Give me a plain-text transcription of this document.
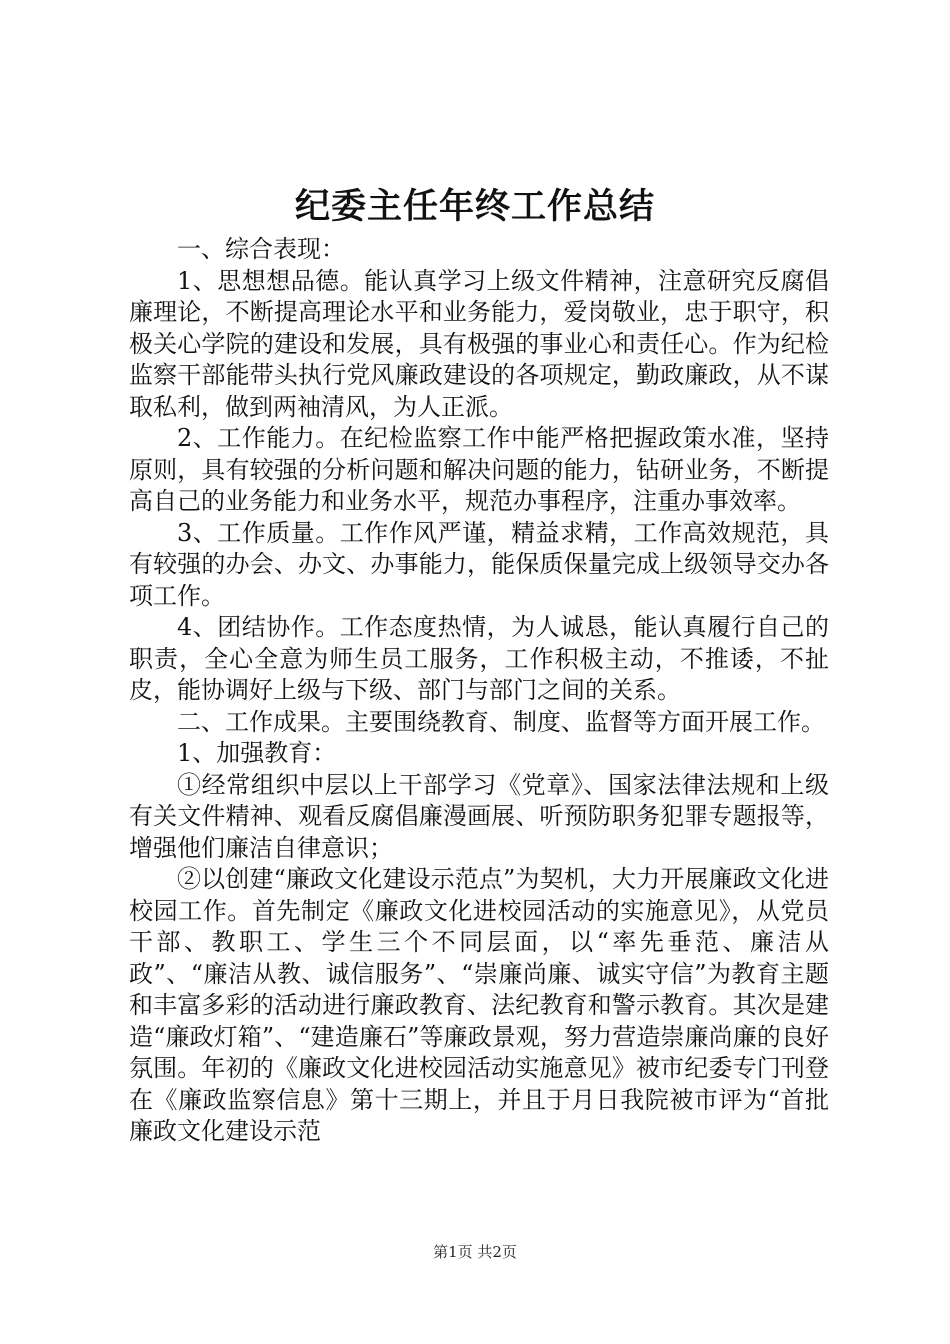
纪委主任年终工作总结

一、综合表现：

1、思想想品德。能认真学习上级文件精神，注意研究反腐倡廉理论，不断提高理论水平和业务能力，爱岗敬业，忠于职守，积极关心学院的建设和发展，具有极强的事业心和责任心。作为纪检监察干部能带头执行党风廉政建设的各项规定，勤政廉政，从不谋取私利，做到两袖清风，为人正派。

2、工作能力。在纪检监察工作中能严格把握政策水准，坚持原则，具有较强的分析问题和解决问题的能力，钻研业务，不断提高自己的业务能力和业务水平，规范办事程序，注重办事效率。

3、工作质量。工作作风严谨，精益求精，工作高效规范，具有较强的办会、办文、办事能力，能保质保量完成上级领导交办各项工作。

4、团结协作。工作态度热情，为人诚恳，能认真履行自己的职责，全心全意为师生员工服务，工作积极主动，不推诿，不扯皮，能协调好上级与下级、部门与部门之间的关系。

二、工作成果。主要围绕教育、制度、监督等方面开展工作。

1、加强教育：

①经常组织中层以上干部学习《党章》、国家法律法规和上级有关文件精神、观看反腐倡廉漫画展、听预防职务犯罪专题报等，增强他们廉洁自律意识；

②以创建“廉政文化建设示范点”为契机，大力开展廉政文化进校园工作。首先制定《廉政文化进校园活动的实施意见》，从党员干部、教职工、学生三个不同层面，以“率先垂范、廉洁从政”、“廉洁从教、诚信服务”、“崇廉尚廉、诚实守信”为教育主题和丰富多彩的活动进行廉政教育、法纪教育和警示教育。其次是建造“廉政灯箱”、“建造廉石”等廉政景观，努力营造崇廉尚廉的良好氛围。年初的《廉政文化进校园活动实施意见》被市纪委专门刊登在《廉政监察信息》第十三期上，并且于月日我院被市评为“首批廉政文化建设示范

第1页 共2页
